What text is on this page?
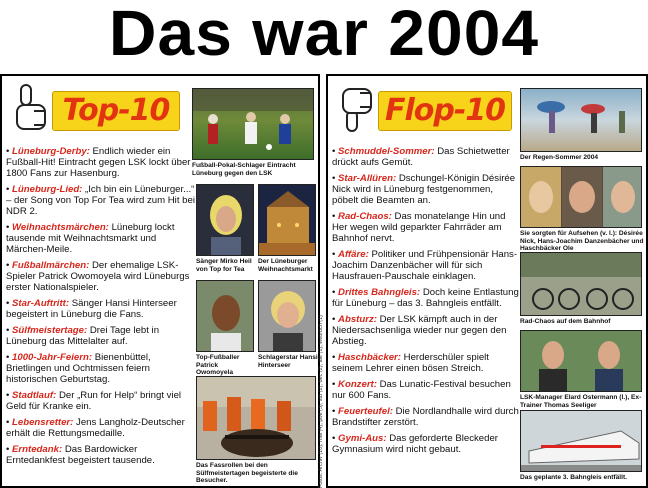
Das war 2004
Top-10
• Lüneburg-Derby: Endlich wieder ein Fußball-Hit! Eintracht gegen LSK lockt über 1800 Fans zur Hasenburg.
• Lüneburg-Lied: „Ich bin ein Lüneburger...“ – der Song von Top For Tea wird zum Hit bei NDR 2.
• Weihnachtsmärchen: Lüneburg lockt tausende mit Weihnachtsmarkt und Märchen-Meile.
• Fußballmärchen: Der ehemalige LSK-Spieler Patrick Owomoyela wird Lüneburgs erster Nationalspieler.
• Star-Auftritt: Sänger Hansi Hinterseer begeistert in Lüneburg die Fans.
• Sülfmeistertage: Drei Tage lebt in Lüneburg das Mittelalter auf.
• 1000-Jahr-Feiern: Bienenbüttel, Brietlingen und Ochtmissen feiern historischen Geburtstag.
• Stadtlauf: Der „Run for Help“ bringt viel Geld für Kranke ein.
• Lebensretter: Jens Langholz-Deutscher erhält die Rettungsmedaille.
• Erntedank: Das Bardowicker Erntedankfest begeistert tausende.
Fußball-Pokal-Schlager Eintracht Lüneburg gegen den LSK
Sänger Mirko Heil von Top for Tea
Der Lüneburger Weihnachtsmarkt
Top-Fußballer Patrick Owomoyela
Schlagerstar Hansi Hinterseer
Das Fassrollen bei den Sülfmeistertagen begeisterte die Besucher.	Fotos: Archiv (10), mai (4), poe (3), stb (2), bec (2), ale (1), web/dch (1)
Flop-10
• Schmuddel-Sommer: Das Schietwetter drückt aufs Gemüt.
• Star-Allüren: Dschungel-Königin Désirée Nick wird in Lüneburg festgenommen, pöbelt die Beamten an.
• Rad-Chaos: Das monatelange Hin und Her wegen wild geparkter Fahrräder am Bahnhof nervt.
• Affäre: Politiker und Frühpensionär Hans-Joachim Danzenbächer will für sich Hausfrauen-Pauschale einklagen.
• Drittes Bahngleis: Doch keine Entlastung für Lüneburg – das 3. Bahngleis entfällt.
• Absturz: Der LSK kämpft auch in der Niedersachsenliga wieder nur gegen den Abstieg.
• Haschbäcker: Herderschüler spielt seinem Lehrer einen bösen Streich.
• Konzert: Das Lunatic-Festival besuchen nur 600 Fans.
• Feuerteufel: Die Nordlandhalle wird durch Brandstifter zerstört.
• Gymi-Aus: Das geforderte Bleckeder Gymnasium wird nicht gebaut.
Der Regen-Sommer 2004
Sie sorgten für Aufsehen (v. l.): Désirée Nick, Hans-Joachim Danzenbächer und Haschbäcker Ole
Rad-Chaos auf dem Bahnhof
LSK-Manager Elard Ostermann (l.), Ex-Trainer Thomas Seeliger
Das geplante 3. Bahngleis entfällt.
